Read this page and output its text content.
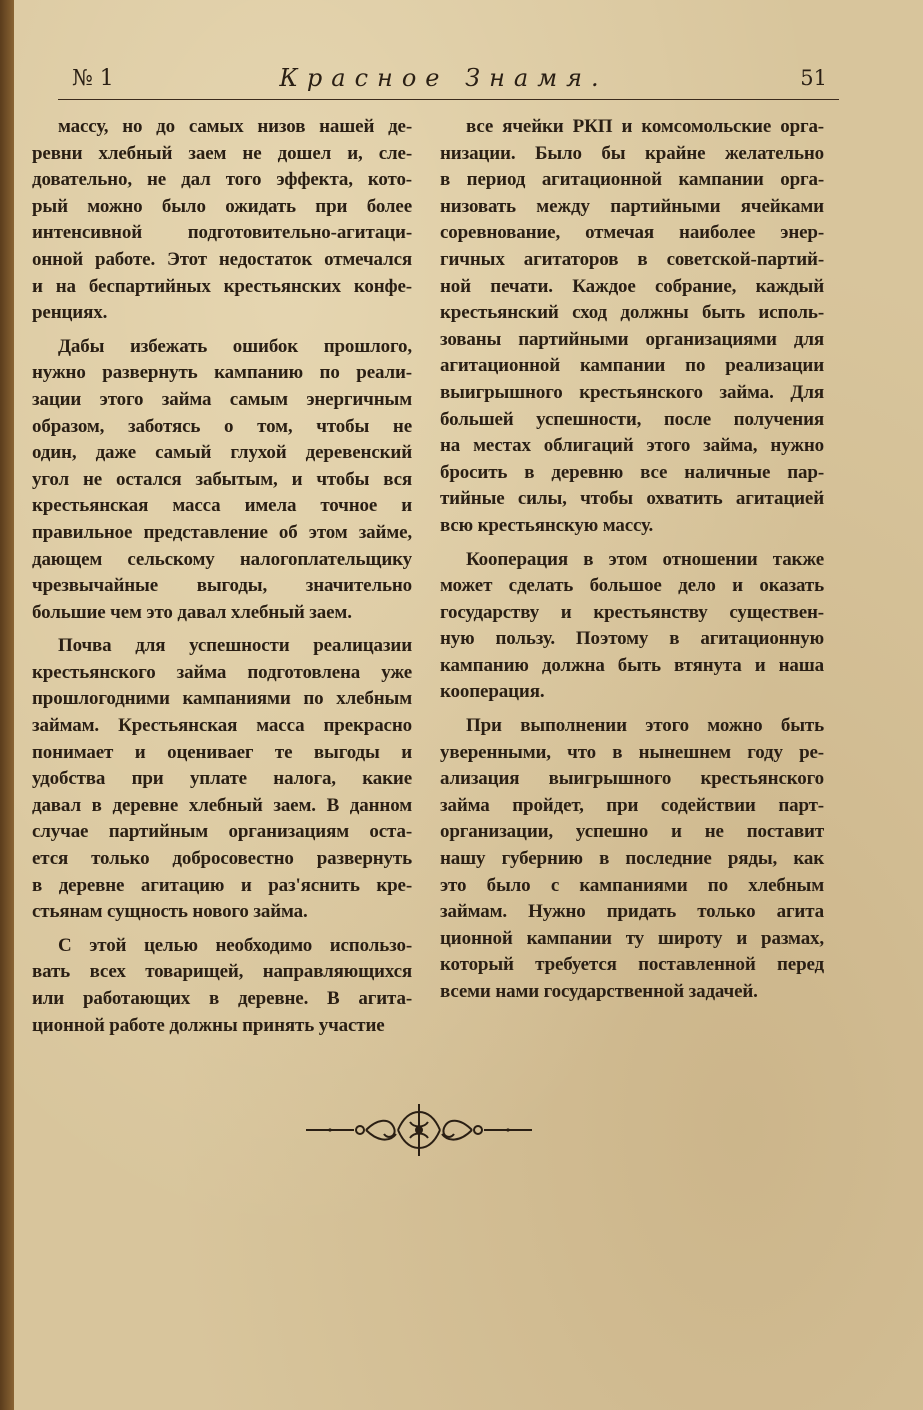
№ 1	Красное Знамя.	51

массу, но до самых низов нашей де-
ревни хлебный заем не дошел и, сле-
довательно, не дал того эффекта, кото-
рый можно было ожидать при более
интенсивной подготовительно-агитаци-
онной работе. Этот недостаток отмечался
и на беспартийных крестьянских конфе-
ренциях.

Дабы избежать ошибок прошлого,
нужно развернуть кампанию по реали-
зации этого займа самым энергичным
образом, заботясь о том, чтобы не
один, даже самый глухой деревенский
угол не остался забытым, и чтобы вся
крестьянская масса имела точное и
правильное представление об этом займе,
дающем сельскому налогоплательщику
чрезвычайные выгоды, значительно
большие чем это давал хлебный заем.

Почва для успешности реалицазии
крестьянского займа подготовлена уже
прошлогодними кампаниями по хлебным
займам. Крестьянская масса прекрасно
понимает и оцениваег те выгоды и
удобства при уплате налога, какие
давал в деревне хлебный заем. В данном
случае партийным организациям оста-
ется только добросовестно развернуть
в деревне агитацию и раз'яснить кре-
стьянам сущность нового займа.

С этой целью необходимо использо-
вать всех товарищей, направляющихся
или работающих в деревне. В агита-
ционной работе должны принять участие

все ячейки РКП и комсомольские орга-
низации. Было бы крайне желательно
в период агитационной кампании орга-
низовать между партийными ячейками
соревнование, отмечая наиболее энер-
гичных агитаторов в советской-партий-
ной печати. Каждое собрание, каждый
крестьянский сход должны быть исполь-
зованы партийными организациями для
агитационной кампании по реализации
выигрышного крестьянского займа. Для
большей успешности, после получения
на местах облигаций этого займа, нужно
бросить в деревню все наличные пар-
тийные силы, чтобы охватить агитацией
всю крестьянскую массу.

Кооперация в этом отношении также
может сделать большое дело и оказать
государству и крестьянству существен-
ную пользу. Поэтому в агитационную
кампанию должна быть втянута и наша
кооперация.

При выполнении этого можно быть
уверенными, что в нынешнем году ре-
ализация выигрышного крестьянского
займа пройдет, при содействии парт-
организации, успешно и не поставит
нашу губернию в последние ряды, как
это было с кампаниями по хлебным
займам. Нужно придать только агита
ционной кампании ту широту и размах,
который требуется поставленной перед
всеми нами государственной задачей.
